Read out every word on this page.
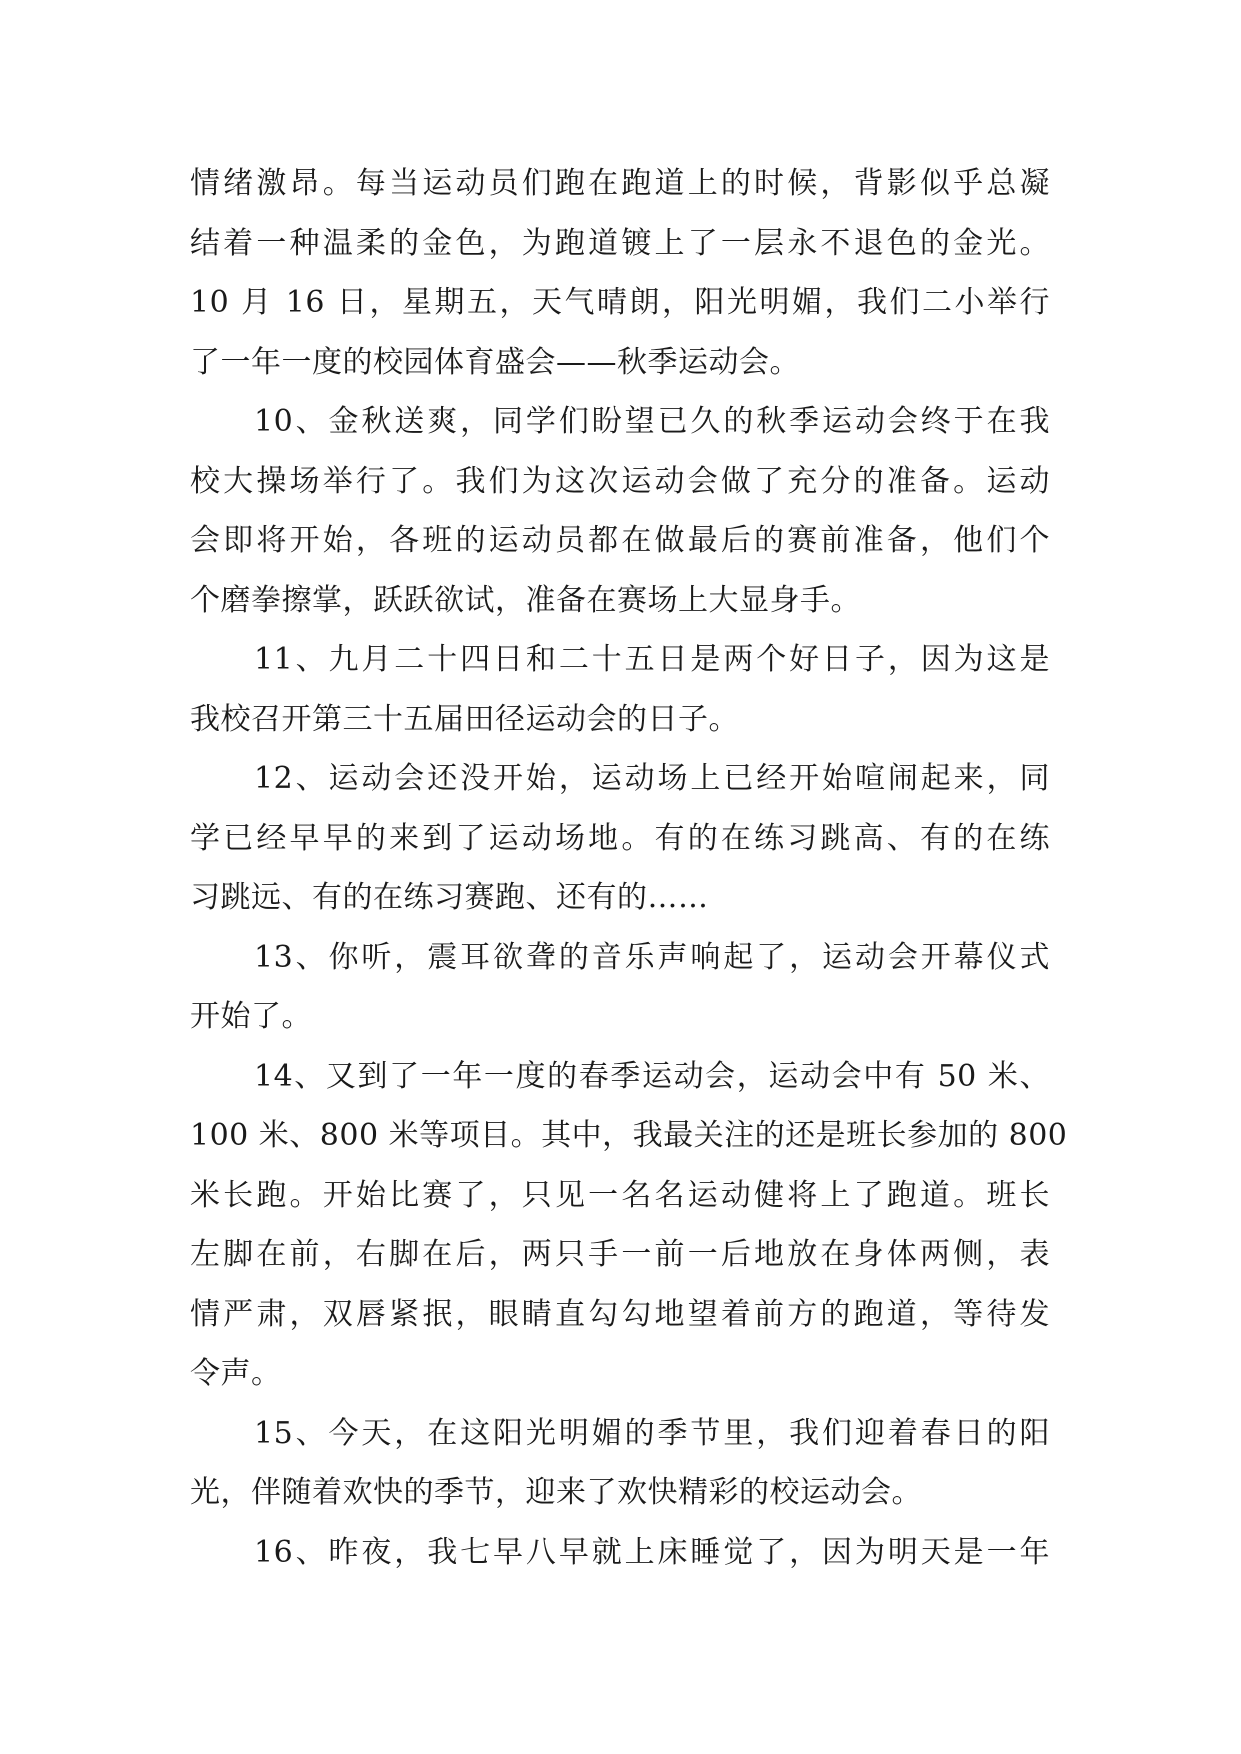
情绪激昂。每当运动员们跑在跑道上的时候，背影似乎总凝
结着一种温柔的金色，为跑道镀上了一层永不退色的金光。
10 月 16 日，星期五，天气晴朗，阳光明媚，我们二小举行
了一年一度的校园体育盛会——秋季运动会。
10、金秋送爽，同学们盼望已久的秋季运动会终于在我
校大操场举行了。我们为这次运动会做了充分的准备。运动
会即将开始，各班的运动员都在做最后的赛前准备，他们个
个磨拳擦掌，跃跃欲试，准备在赛场上大显身手。
11、九月二十四日和二十五日是两个好日子，因为这是
我校召开第三十五届田径运动会的日子。
12、运动会还没开始，运动场上已经开始喧闹起来，同
学已经早早的来到了运动场地。有的在练习跳高、有的在练
习跳远、有的在练习赛跑、还有的……
13、你听，震耳欲聋的音乐声响起了，运动会开幕仪式
开始了。
14、又到了一年一度的春季运动会，运动会中有 50 米、
100 米、800 米等项目。其中，我最关注的还是班长参加的 800
米长跑。开始比赛了，只见一名名运动健将上了跑道。班长
左脚在前，右脚在后，两只手一前一后地放在身体两侧，表
情严肃，双唇紧抿，眼睛直勾勾地望着前方的跑道，等待发
令声。
15、今天，在这阳光明媚的季节里，我们迎着春日的阳
光，伴随着欢快的季节，迎来了欢快精彩的校运动会。
16、昨夜，我七早八早就上床睡觉了，因为明天是一年
